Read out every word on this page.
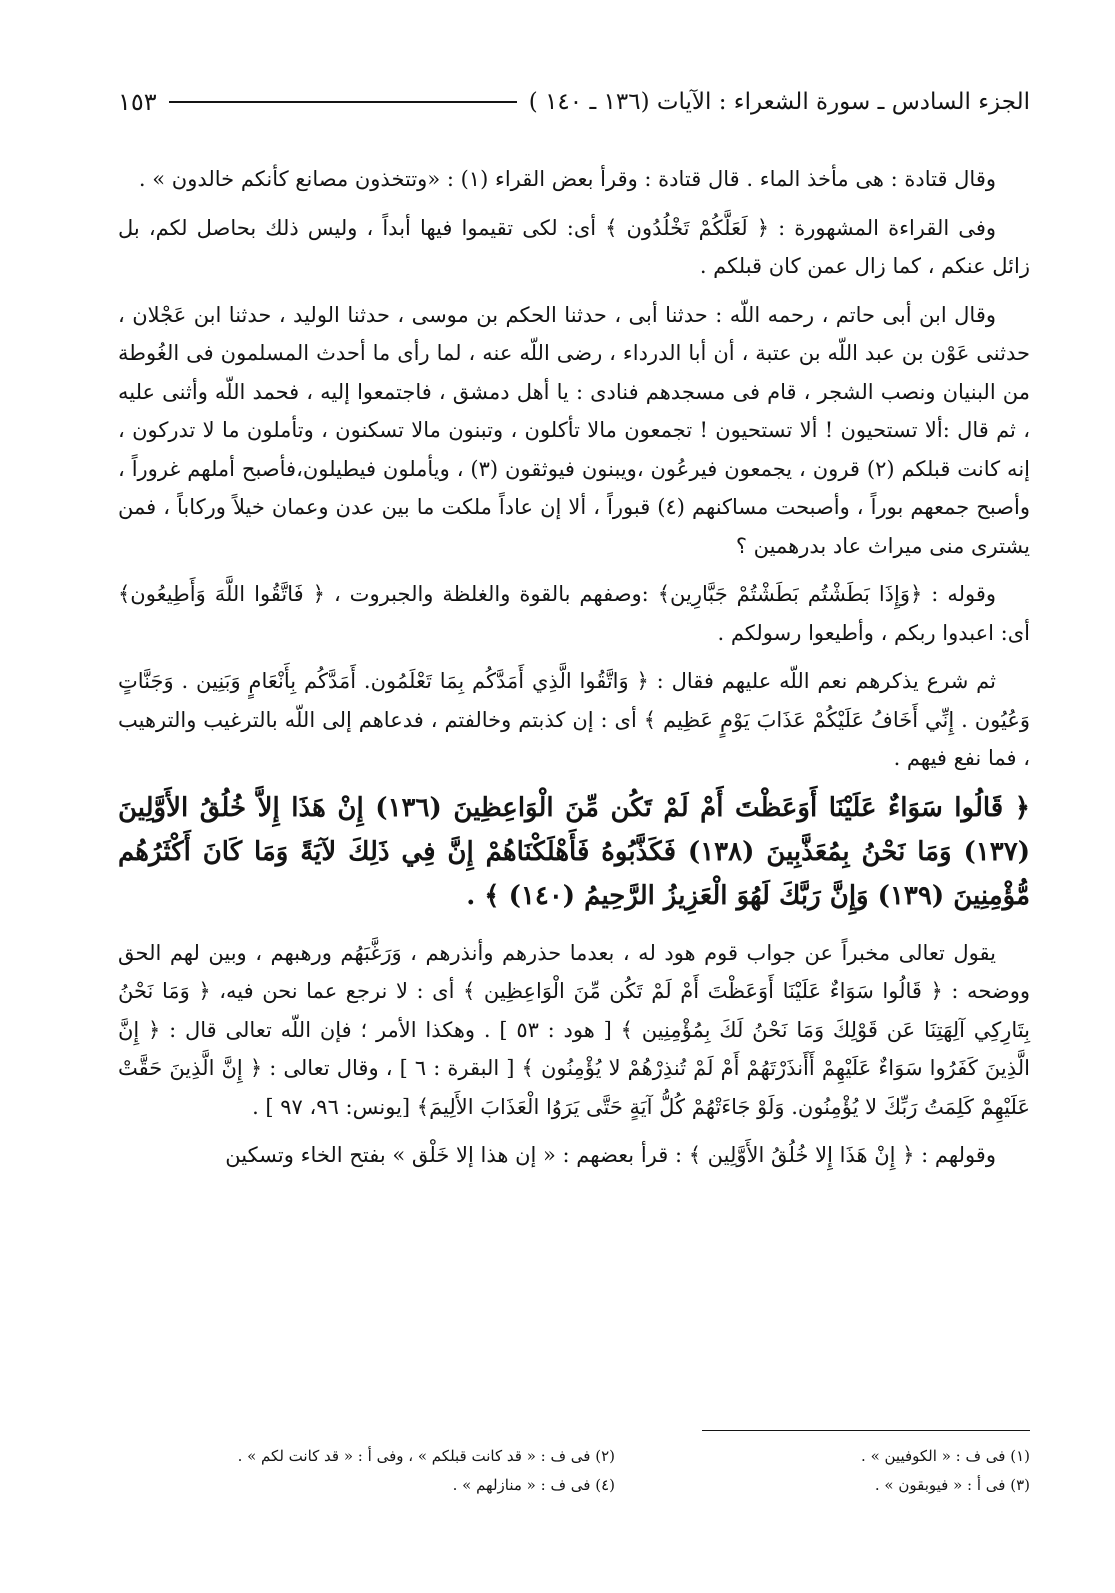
الجزء السادس ـ سورة الشعراء : الآيات (١٣٦ ـ ١٤٠ )
١٥٣

وقال قتادة : هى مأخذ الماء . قال قتادة : وقرأ بعض القراء (١) : «وتتخذون مصانع كأنكم خالدون » .

وفى القراءة المشهورة : ﴿ لَعَلَّكُمْ تَخْلُدُون ﴾ أى: لكى تقيموا فيها أبداً ، وليس ذلك بحاصل لكم، بل زائل عنكم ، كما زال عمن كان قبلكم .

وقال ابن أبى حاتم ، رحمه اللّه : حدثنا أبى ، حدثنا الحكم بن موسى ، حدثنا الوليد ، حدثنا ابن عَجْلان ، حدثنى عَوْن بن عبد اللّه بن عتبة ، أن أبا الدرداء ، رضى اللّه عنه ، لما رأى ما أحدث المسلمون فى الغُوطة من البنيان ونصب الشجر ، قام فى مسجدهم فنادى : يا أهل دمشق ، فاجتمعوا إليه ، فحمد اللّه وأثنى عليه ، ثم قال :ألا تستحيون ! ألا تستحيون ! تجمعون مالا تأكلون ، وتبنون مالا تسكنون ، وتأملون ما لا تدركون ، إنه كانت قبلكم (٢) قرون ، يجمعون فيرعُون ،ويبنون فيوثقون (٣) ، ويأملون فيطيلون،فأصبح أملهم غروراً ، وأصبح جمعهم بوراً ، وأصبحت مساكنهم (٤) قبوراً ، ألا إن عاداً ملكت ما بين عدن وعمان خيلاً وركاباً ، فمن يشترى منى ميراث عاد بدرهمين ؟

وقوله : ﴿وَإِذَا بَطَشْتُم بَطَشْتُمْ جَبَّارِين﴾ :وصفهم بالقوة والغلظة والجبروت ، ﴿ فَاتَّقُوا اللَّهَ وَأَطِيعُون﴾ أى: اعبدوا ربكم ، وأطيعوا رسولكم .

ثم شرع يذكرهم نعم اللّه عليهم فقال : ﴿ وَاتَّقُوا الَّذِي أَمَدَّكُم بِمَا تَعْلَمُون. أَمَدَّكُم بِأَنْعَامٍ وَبَنِين . وَجَنَّاتٍ وَعُيُون . إِنِّي أَخَافُ عَلَيْكُمْ عَذَابَ يَوْمٍ عَظِيم ﴾ أى : إن كذبتم وخالفتم ، فدعاهم إلى اللّه بالترغيب والترهيب ، فما نفع فيهم .

﴿ قَالُوا سَوَاءٌ عَلَيْنَا أَوَعَظْتَ أَمْ لَمْ تَكُن مِّنَ الْوَاعِظِينَ (١٣٦) إِنْ هَذَا إِلاَّ خُلُقُ الأَوَّلِينَ (١٣٧) وَمَا نَحْنُ بِمُعَذَّبِينَ (١٣٨) فَكَذَّبُوهُ فَأَهْلَكْنَاهُمْ إِنَّ فِي ذَلِكَ لآيَةً وَمَا كَانَ أَكْثَرُهُم مُّؤْمِنِينَ (١٣٩) وَإِنَّ رَبَّكَ لَهُوَ الْعَزِيزُ الرَّحِيمُ (١٤٠) ﴾ .

يقول تعالى مخبراً عن جواب قوم هود له ، بعدما حذرهم وأنذرهم ، وَرَغَّبَهُم ورهبهم ، وبين لهم الحق ووضحه : ﴿ قَالُوا سَوَاءٌ عَلَيْنَا أَوَعَظْتَ أَمْ لَمْ تَكُن مِّنَ الْوَاعِظِين ﴾ أى : لا نرجع عما نحن فيه، ﴿ وَمَا نَحْنُ بِتَارِكِي آلِهَتِنَا عَن قَوْلِكَ وَمَا نَحْنُ لَكَ بِمُؤْمِنِين ﴾ [ هود : ٥٣ ] . وهكذا الأمر ؛ فإن اللّه تعالى قال : ﴿ إِنَّ الَّذِينَ كَفَرُوا سَوَاءٌ عَلَيْهِمْ أَأَنذَرْتَهُمْ أَمْ لَمْ تُنذِرْهُمْ لا يُؤْمِنُون ﴾ [ البقرة : ٦ ] ، وقال تعالى : ﴿ إِنَّ الَّذِينَ حَقَّتْ عَلَيْهِمْ كَلِمَتُ رَبِّكَ لا يُؤْمِنُون. وَلَوْ جَاءَتْهُمْ كُلُّ آيَةٍ حَتَّى يَرَوُا الْعَذَابَ الأَلِيمَ﴾ [يونس: ٩٦، ٩٧ ] .

وقولهم : ﴿ إِنْ هَذَا إِلا خُلُقُ الأَوَّلِين ﴾ : قرأ بعضهم : « إن هذا إلا خَلْق » بفتح الخاء وتسكين

(١) فى ف : « الكوفيين » .
(٢) فى ف : « قد كانت قبلكم » ، وفى أ : « قد كانت لكم » .
(٣) فى أ : « فيوبقون » .
(٤) فى ف : « منازلهم » .
